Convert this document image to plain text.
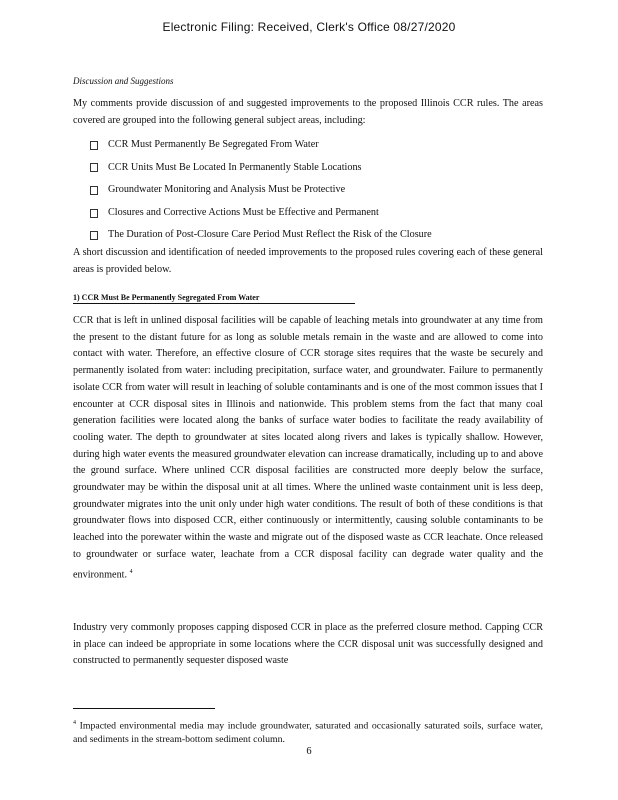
Electronic Filing: Received, Clerk's Office 08/27/2020
Discussion and Suggestions

My comments provide discussion of and suggested improvements to the proposed Illinois CCR rules. The areas covered are grouped into the following general subject areas, including:

CCR Must Permanently Be Segregated From Water
CCR Units Must Be Located In Permanently Stable Locations
Groundwater Monitoring and Analysis Must be Protective
Closures and Corrective Actions Must be Effective and Permanent
The Duration of Post-Closure Care Period Must Reflect the Risk of the Closure

A short discussion and identification of needed improvements to the proposed rules covering each of these general areas is provided below.

1) CCR Must Be Permanently Segregated From Water

CCR that is left in unlined disposal facilities will be capable of leaching metals into groundwater at any time from the present to the distant future for as long as soluble metals remain in the waste and are allowed to come into contact with water. Therefore, an effective closure of CCR storage sites requires that the waste be securely and permanently isolated from water: including precipitation, surface water, and groundwater. Failure to permanently isolate CCR from water will result in leaching of soluble contaminants and is one of the most common issues that I encounter at CCR disposal sites in Illinois and nationwide. This problem stems from the fact that many coal generation facilities were located along the banks of surface water bodies to facilitate the ready availability of cooling water. The depth to groundwater at sites located along rivers and lakes is typically shallow. However, during high water events the measured groundwater elevation can increase dramatically, including up to and above the ground surface. Where unlined CCR disposal facilities are constructed more deeply below the surface, groundwater may be within the disposal unit at all times. Where the unlined waste containment unit is less deep, groundwater migrates into the unit only under high water conditions. The result of both of these conditions is that groundwater flows into disposed CCR, either continuously or intermittently, causing soluble contaminants to be leached into the porewater within the waste and migrate out of the disposed waste as CCR leachate. Once released to groundwater or surface water, leachate from a CCR disposal facility can degrade water quality and the environment. $^4$

Industry very commonly proposes capping disposed CCR in place as the preferred closure method. Capping CCR in place can indeed be appropriate in some locations where the CCR disposal unit was successfully designed and constructed to permanently sequester disposed waste

$^4$ Impacted environmental media may include groundwater, saturated and occasionally saturated soils, surface water, and sediments in the stream-bottom sediment column.

6
